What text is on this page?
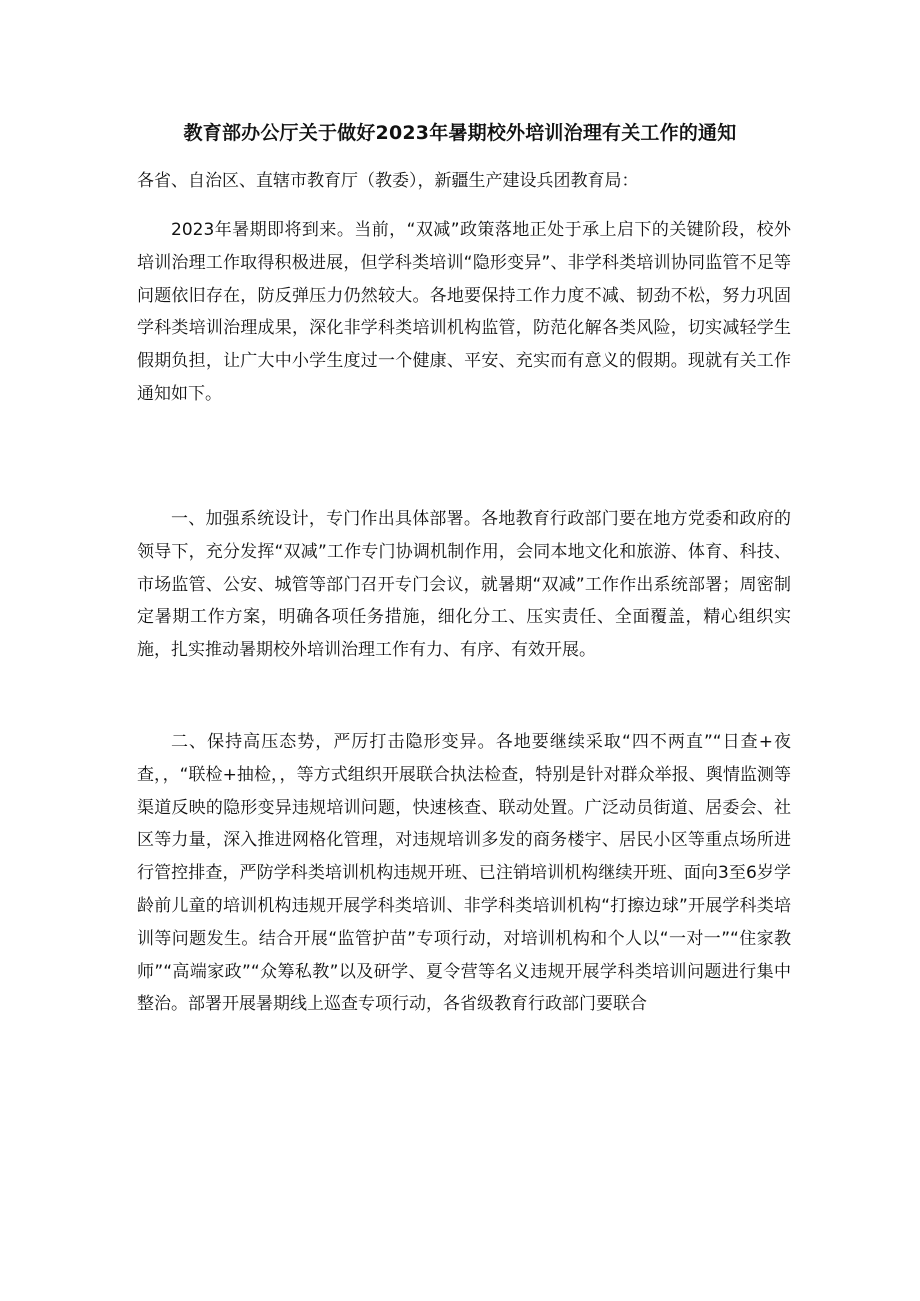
教育部办公厅关于做好2023年暑期校外培训治理有关工作的通知
各省、自治区、直辖市教育厅（教委），新疆生产建设兵团教育局：
2023年暑期即将到来。当前，“双减”政策落地正处于承上启下的关键阶段，校外培训治理工作取得积极进展，但学科类培训“隐形变异”、非学科类培训协同监管不足等问题依旧存在，防反弹压力仍然较大。各地要保持工作力度不减、韧劲不松，努力巩固学科类培训治理成果，深化非学科类培训机构监管，防范化解各类风险，切实减轻学生假期负担，让广大中小学生度过一个健康、平安、充实而有意义的假期。现就有关工作通知如下。
一、加强系统设计，专门作出具体部署。各地教育行政部门要在地方党委和政府的领导下，充分发挥“双减”工作专门协调机制作用，会同本地文化和旅游、体育、科技、市场监管、公安、城管等部门召开专门会议，就暑期“双减”工作作出系统部署；周密制定暑期工作方案，明确各项任务措施，细化分工、压实责任、全面覆盖，精心组织实施，扎实推动暑期校外培训治理工作有力、有序、有效开展。
二、保持高压态势，严厉打击隐形变异。各地要继续采取“四不两直”“日查+夜查，，“联检+抽检，，等方式组织开展联合执法检查，特别是针对群众举报、舆情监测等渠道反映的隐形变异违规培训问题，快速核查、联动处置。广泛动员街道、居委会、社区等力量，深入推进网格化管理，对违规培训多发的商务楼宇、居民小区等重点场所进行管控排查，严防学科类培训机构违规开班、已注销培训机构继续开班、面向3至6岁学龄前儿童的培训机构违规开展学科类培训、非学科类培训机构“打擦边球”开展学科类培训等问题发生。结合开展“监管护苗”专项行动，对培训机构和个人以“一对一”“住家教师”“高端家政”“众筹私教”以及研学、夏令营等名义违规开展学科类培训问题进行集中整治。部署开展暑期线上巡查专项行动，各省级教育行政部门要联合
